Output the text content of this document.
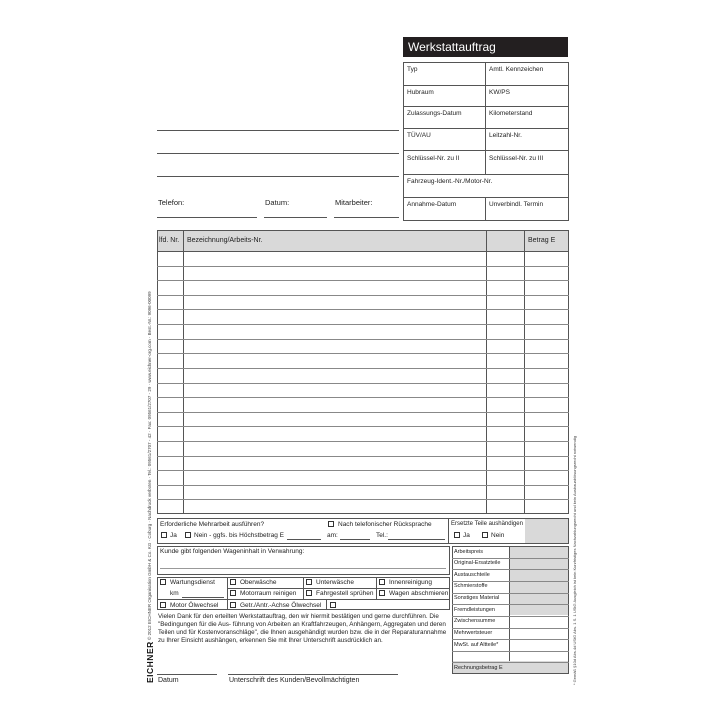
Werkstattauftrag
Typ	Amtl. Kennzeichen
Hubraum	KW/PS
Zulassungs-Datum	Kilometerstand
TÜV/AU	Leitzahl-Nr.
Schlüssel-Nr. zu II	Schlüssel-Nr. zu III
Fahrzeug-Ident.-Nr./Motor-Nr.
Annahme-Datum	Unverbindl. Termin
Telefon:	Datum:	Mitarbeiter:
lfd. Nr. Bezeichnung/Arbeits-Nr.	Betrag E
Erforderliche Mehrarbeit ausführen?	Nach telefonischer Rücksprache
Ja	Nein - ggfs. bis Höchstbetrag E	am:	Tel.:
Ersetzte Teile aushändigen
Ja	Nein
Kunde gibt folgenden Wageninhalt in Verwahrung:
Wartungsdienst
km
Motor Ölwechsel
Oberwäsche
Motorraum reinigen
Getr./Antr.-Achse Ölwechsel
Unterwäsche
Fahrgestell sprühen
Innenreinigung
Wagen abschmieren
Arbeitspreis
Original-Ersatzteile
Austauschteile
Schmierstoffe
Sonstiges Material
Fremdleistungen
Zwischensumme
Mehrwertsteuer
MwSt. auf Altteile*
Rechnungsbetrag E
Vielen Dank für den erteilten Werkstattauftrag, den wir hiermit bestätigen und gerne durchführen. Die "Bedingungen für die Aus- führung von Arbeiten an Kraftfahrzeugen, Anhängern, Aggregaten und deren Teilen und für Kostenvoranschläge", die Ihnen ausgehändigt wurden bzw. die in der Reparaturannahme zu Ihrer Einsicht aushängen, erkennen Sie mit Ihrer Unterschrift ausdrücklich an.
Datum	Unterschrift des Kunden/Bevollmächtigten
EICHNER
© 2012 EICHNER Organisation GmbH & Co. KG · Coburg · Nachdruck verboten · Tel.: 09561/2707 - 42 · Fax: 09561/2707 - 29 · www.eichner-org.com · Best.-Nr.: 9096-00099	* Gemäß §10d Abs.4d UStG Abs. 1 S. 1 UStG Ausgleich ist kein Kurzfristiges Nachzahlungsrecht und kein Ausbauablösungsrecht notwendig
